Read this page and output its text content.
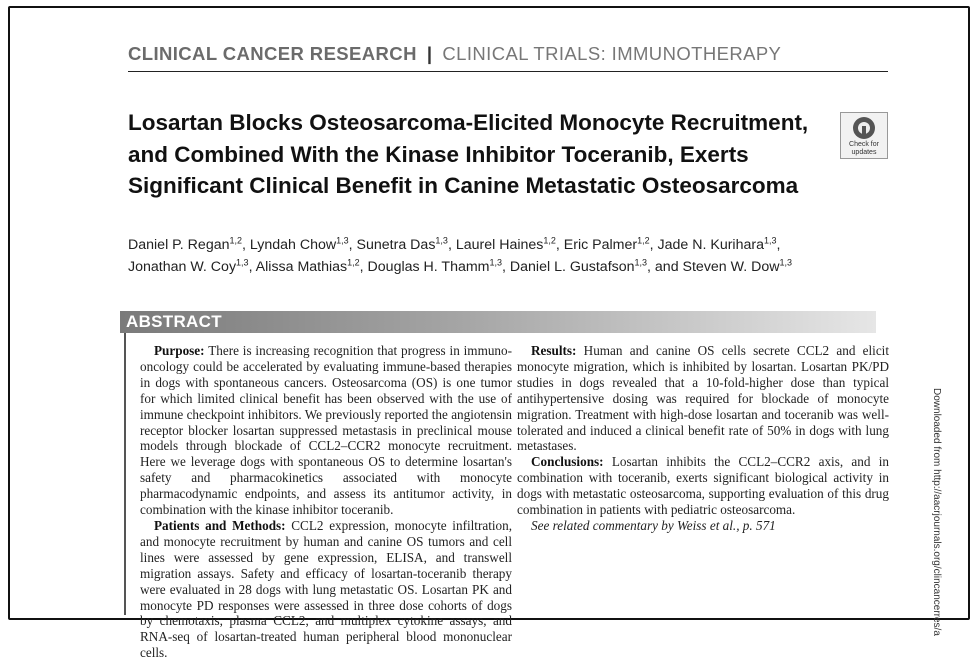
CLINICAL CANCER RESEARCH | CLINICAL TRIALS: IMMUNOTHERAPY
Losartan Blocks Osteosarcoma-Elicited Monocyte Recruitment, and Combined With the Kinase Inhibitor Toceranib, Exerts Significant Clinical Benefit in Canine Metastatic Osteosarcoma
Check for
updates
Daniel P. Regan$^{1,2}$, Lyndah Chow$^{1,3}$, Sunetra Das$^{1,3}$, Laurel Haines$^{1,2}$, Eric Palmer$^{1,2}$, Jade N. Kurihara$^{1,3}$,
Jonathan W. Coy$^{1,3}$, Alissa Mathias$^{1,2}$, Douglas H. Thamm$^{1,3}$, Daniel L. Gustafson$^{1,3}$, and Steven W. Dow$^{1,3}$
ABSTRACT

Purpose: There is increasing recognition that progress in immuno-oncology could be accelerated by evaluating immune-based therapies in dogs with spontaneous cancers. Osteosarcoma (OS) is one tumor for which limited clinical benefit has been observed with the use of immune checkpoint inhibitors. We previously reported the angiotensin receptor blocker losartan suppressed metastasis in preclinical mouse models through blockade of CCL2–CCR2 monocyte recruitment. Here we leverage dogs with spontaneous OS to determine losartan's safety and pharmacokinetics associated with monocyte pharmacodynamic endpoints, and assess its antitumor activity, in combination with the kinase inhibitor toceranib.

Patients and Methods: CCL2 expression, monocyte infiltration, and monocyte recruitment by human and canine OS tumors and cell lines were assessed by gene expression, ELISA, and transwell migration assays. Safety and efficacy of losartan-toceranib therapy were evaluated in 28 dogs with lung metastatic OS. Losartan PK and monocyte PD responses were assessed in three dose cohorts of dogs by chemotaxis, plasma CCL2, and multiplex cytokine assays, and RNA-seq of losartan-treated human peripheral blood mononuclear cells.

Results: Human and canine OS cells secrete CCL2 and elicit monocyte migration, which is inhibited by losartan. Losartan PK/PD studies in dogs revealed that a 10-fold-higher dose than typical antihypertensive dosing was required for blockade of monocyte migration. Treatment with high-dose losartan and toceranib was well-tolerated and induced a clinical benefit rate of 50% in dogs with lung metastases.

Conclusions: Losartan inhibits the CCL2–CCR2 axis, and in combination with toceranib, exerts significant biological activity in dogs with metastatic osteosarcoma, supporting evaluation of this drug combination in patients with pediatric osteosarcoma.

See related commentary by Weiss et al., p. 571	Downloaded from http://aacrjournals.org/clincancerres/a
